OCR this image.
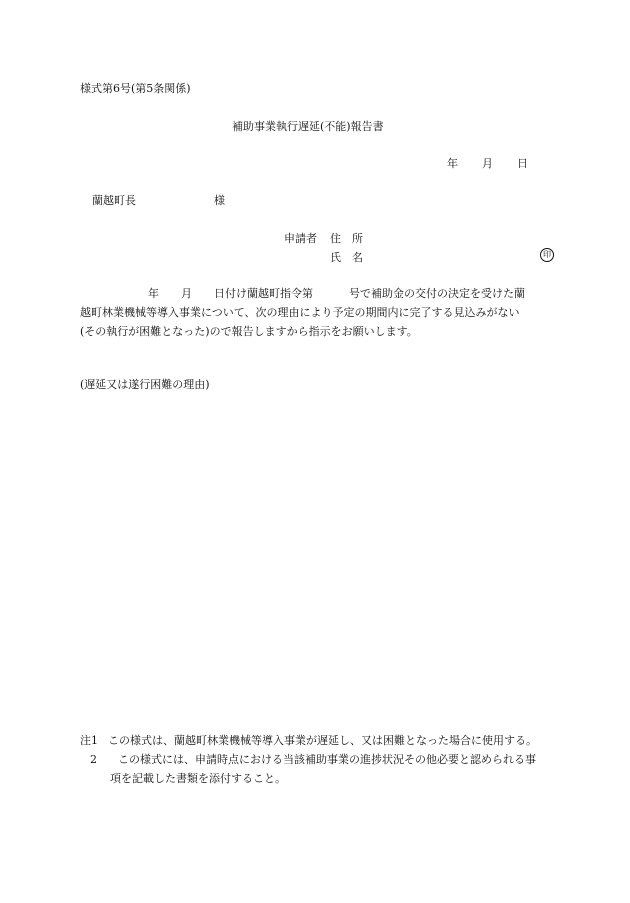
様式第6号(第5条関係)
補助事業執行遅延(不能)報告書
年 月 日
蘭越町長	様
申請者 住　所
氏　名	印
年 月 日付け蘭越町指令第	号で補助金の交付の決定を受けた蘭
越町林業機械等導入事業について、次の理由により予定の期間内に完了する見込みがない
(その執行が困難となった)ので報告しますから指示をお願いします。
(遅延又は遂行困難の理由)
注1 この様式は、蘭越町林業機械等導入事業が遅延し、又は困難となった場合に使用する。
2 この様式には、申請時点における当該補助事業の進捗状況その他必要と認められる事
項を記載した書類を添付すること。
